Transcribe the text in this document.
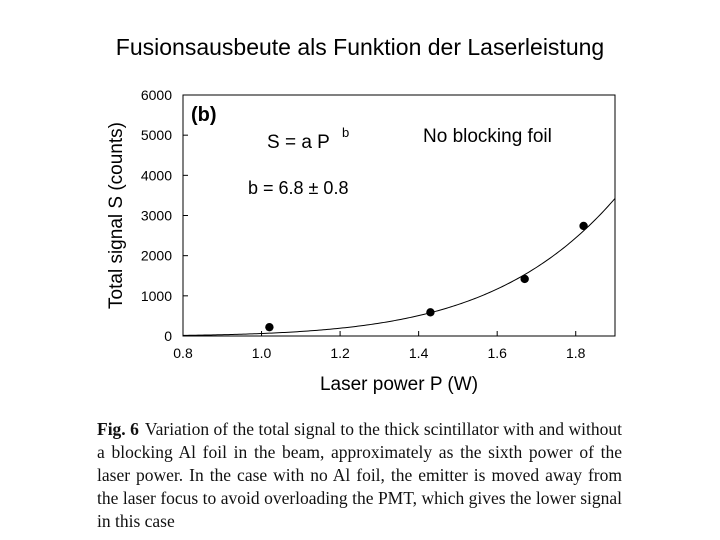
Fusionsausbeute als Funktion der Laserleistung
0.8	1.0	1.2	1.4	1.6	1.8
0
1000
2000
3000
4000
5000
6000
Laser power P (W)
Total signal S (counts)
(b)
S = a P b	No blocking foil
b = 6.8 ± 0.8
Fig. 6 Variation of the total signal to the thick scintillator with and without a blocking Al foil in the beam, approximately as the sixth power of the laser power. In the case with no Al foil, the emitter is moved away from the laser focus to avoid overloading the PMT, which gives the lower signal in this case
